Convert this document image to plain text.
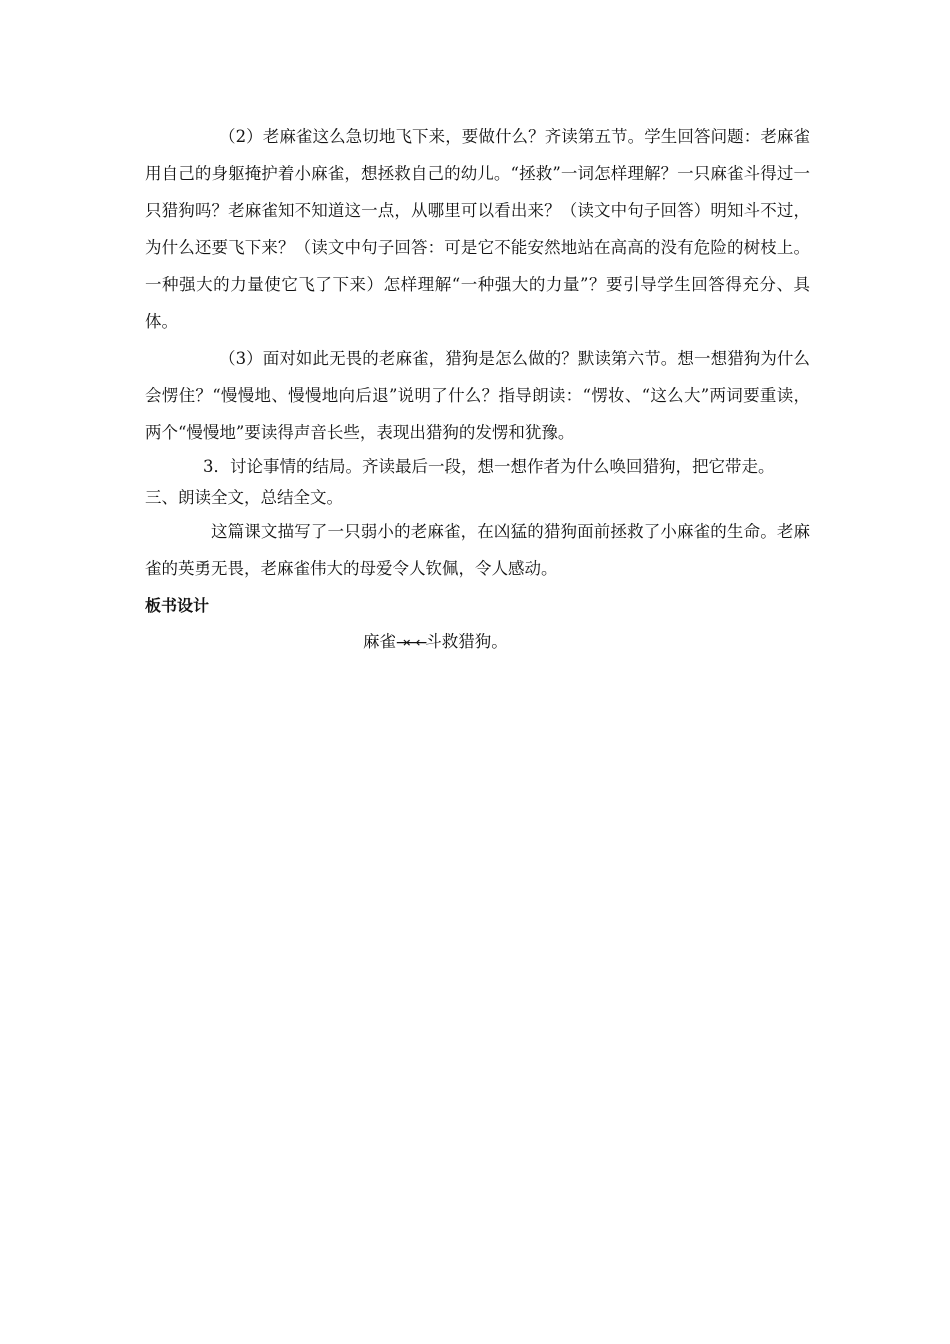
（2）老麻雀这么急切地飞下来，要做什么？齐读第五节。学生回答问题：老麻雀用自己的身躯掩护着小麻雀，想拯救自己的幼儿。“拯救”一词怎样理解？一只麻雀斗得过一只猎狗吗？老麻雀知不知道这一点，从哪里可以看出来？（读文中句子回答）明知斗不过，为什么还要飞下来？（读文中句子回答：可是它不能安然地站在高高的没有危险的树枝上。一种强大的力量使它飞了下来）怎样理解“一种强大的力量”？要引导学生回答得充分、具体。

（3）面对如此无畏的老麻雀，猎狗是怎么做的？默读第六节。想一想猎狗为什么会愣住？“慢慢地、慢慢地向后退”说明了什么？指导朗读：“愣妆、“这么大”两词要重读，两个“慢慢地”要读得声音长些，表现出猎狗的发愣和犹豫。

3．讨论事情的结局。齐读最后一段，想一想作者为什么唤回猎狗，把它带走。

三、朗读全文，总结全文。

这篇课文描写了一只弱小的老麻雀，在凶猛的猎狗面前拯救了小麻雀的生命。老麻雀的英勇无畏，老麻雀伟大的母爱令人钦佩，令人感动。

板书设计

麻雀→←←斗救猎狗。
